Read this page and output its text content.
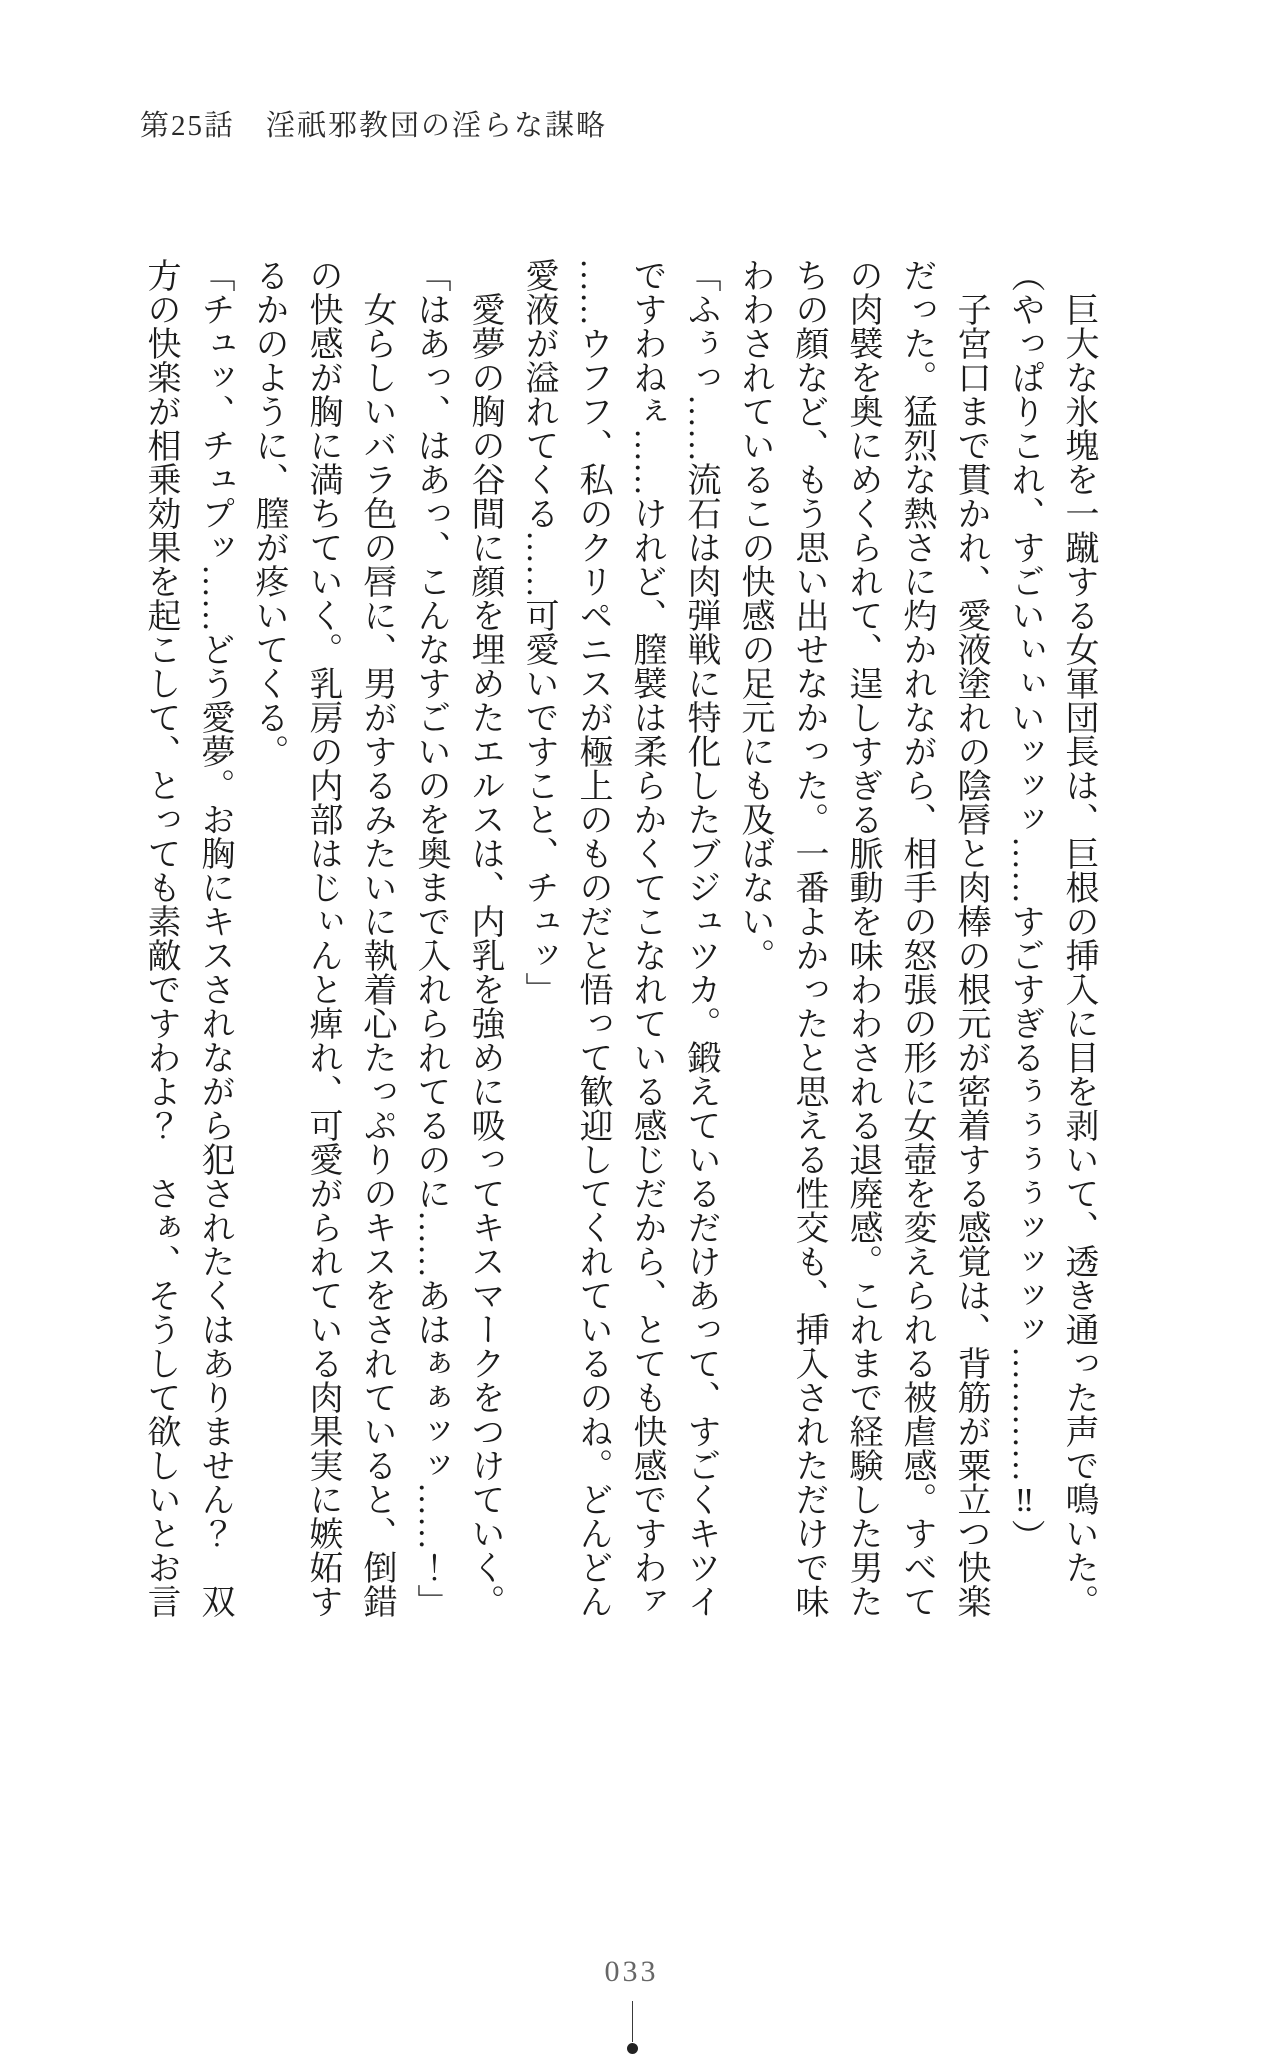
第25話　淫祇邪教団の淫らな謀略
巨大な氷塊を一蹴する女軍団長は、巨根の挿入に目を剥いて、透き通った声で鳴いた。
（やっぱりこれ、すごいぃぃいッッッ……すごすぎるぅぅぅぅッッッッ…………‼）
子宮口まで貫かれ、愛液塗れの陰唇と肉棒の根元が密着する感覚は、背筋が粟立つ快楽
だった。猛烈な熱さに灼かれながら、相手の怒張の形に女壺を変えられる被虐感。すべて
の肉襞を奥にめくられて、逞しすぎる脈動を味わわされる退廃感。これまで経験した男た
ちの顔など、もう思い出せなかった。一番よかったと思える性交も、挿入されただけで味
わわされているこの快感の足元にも及ばない。
「ふぅっ……流石は肉弾戦に特化したブジュツカ。鍛えているだけあって、すごくキツイ
ですわねぇ……けれど、膣襞は柔らかくてこなれている感じだから、とても快感ですわァ
……ウフフ、私のクリペニスが極上のものだと悟って歓迎してくれているのね。どんどん
愛液が溢れてくる……可愛いですこと、チュッ」
愛夢の胸の谷間に顔を埋めたエルスは、内乳を強めに吸ってキスマークをつけていく。
「はあっ、はあっ、こんなすごいのを奥まで入れられてるのに……あはぁぁッッ……！」
女らしいバラ色の唇に、男がするみたいに執着心たっぷりのキスをされていると、倒錯
の快感が胸に満ちていく。乳房の内部はじぃんと痺れ、可愛がられている肉果実に嫉妬す
るかのように、膣が疼いてくる。
「チュッ、チュプッ……どう愛夢。お胸にキスされながら犯されたくはありません？　双
方の快楽が相乗効果を起こして、とっても素敵ですわよ？　さぁ、そうして欲しいとお言
033
